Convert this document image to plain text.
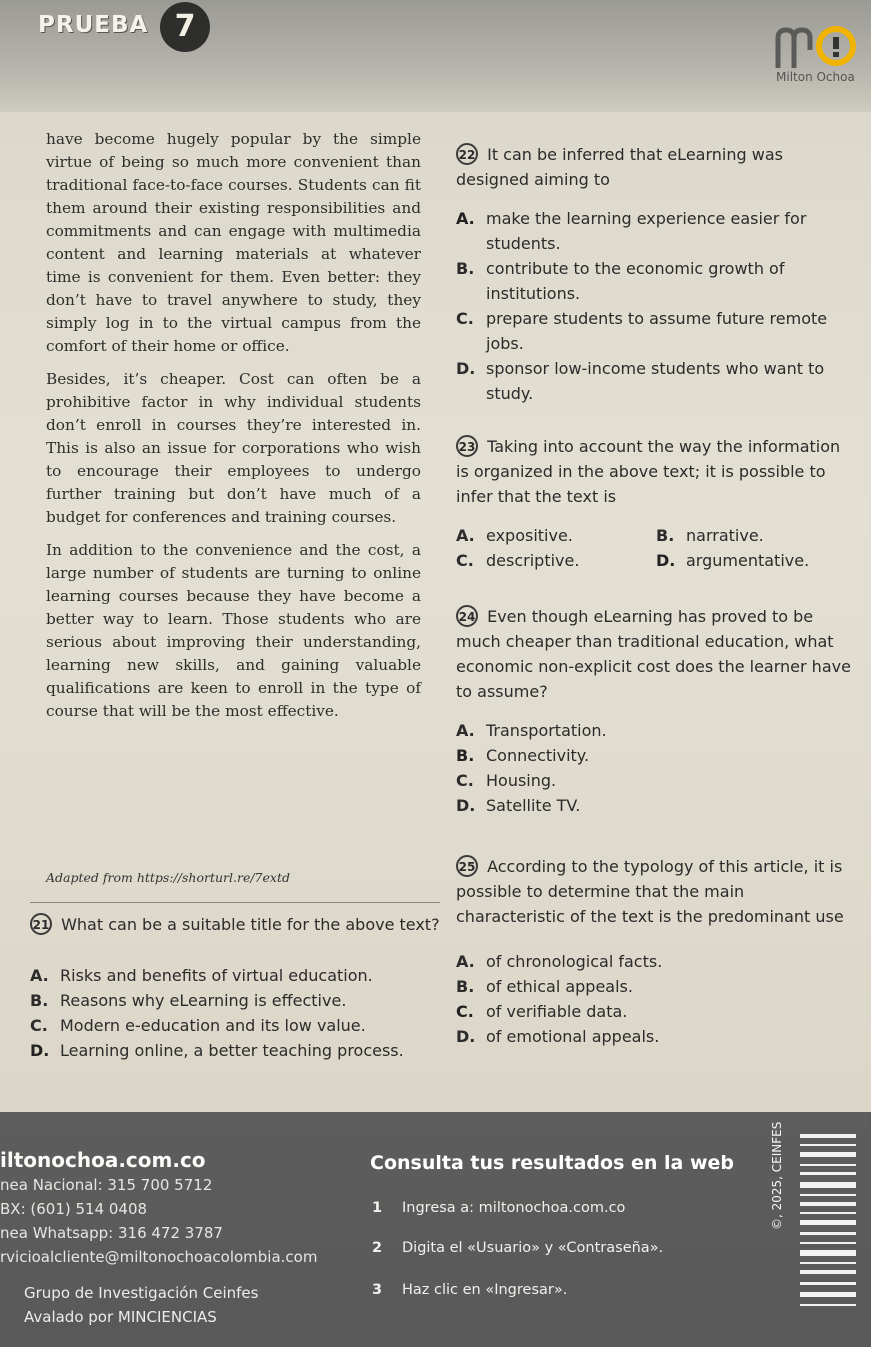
PRUEBA 7
Milton Ochoa

have become hugely popular by the simple virtue of being so much more convenient than traditional face-to-face courses. Students can fit them around their existing responsibilities and commitments and can engage with multimedia content and learning materials at whatever time is convenient for them. Even better: they don’t have to travel anywhere to study, they simply log in to the virtual campus from the comfort of their home or office.

Besides, it’s cheaper. Cost can often be a prohibitive factor in why individual students don’t enroll in courses they’re interested in. This is also an issue for corporations who wish to encourage their employees to undergo further training but don’t have much of a budget for conferences and training courses.

In addition to the convenience and the cost, a large number of students are turning to online learning courses because they have become a better way to learn. Those students who are serious about improving their understanding, learning new skills, and gaining valuable qualifications are keen to enroll in the type of course that will be the most effective.

Adapted from https://shorturl.re/7extd
21 What can be a suitable title for the above text?
A. Risks and benefits of virtual education.
B. Reasons why eLearning is effective.
C. Modern e-education and its low value.
D. Learning online, a better teaching process.
22 It can be inferred that eLearning was designed aiming to
A. make the learning experience easier for students.
B. contribute to the economic growth of institutions.
C. prepare students to assume future remote jobs.
D. sponsor low-income students who want to study.
23 Taking into account the way the information is organized in the above text; it is possible to infer that the text is
A. expositive.	B. narrative.
C. descriptive.	D. argumentative.
24 Even though eLearning has proved to be much cheaper than traditional education, what economic non-explicit cost does the learner have to assume?
A. Transportation.
B. Connectivity.
C. Housing.
D. Satellite TV.
25 According to the typology of this article, it is possible to determine that the main characteristic of the text is the predominant use
A. of chronological facts.
B. of ethical appeals.
C. of verifiable data.
D. of emotional appeals.
iltonochoa.com.co
nea Nacional: 315 700 5712
BX: (601) 514 0408
nea Whatsapp: 316 472 3787
rvicioalcliente@miltonochoacolombia.com
Consulta tus resultados en la web
1 Ingresa a: miltonochoa.com.co
2 Digita el «Usuario» y «Contraseña».
3 Haz clic en «Ingresar».
©, 2025, CEINFES
Grupo de Investigación Ceinfes
Avalado por MINCIENCIAS
